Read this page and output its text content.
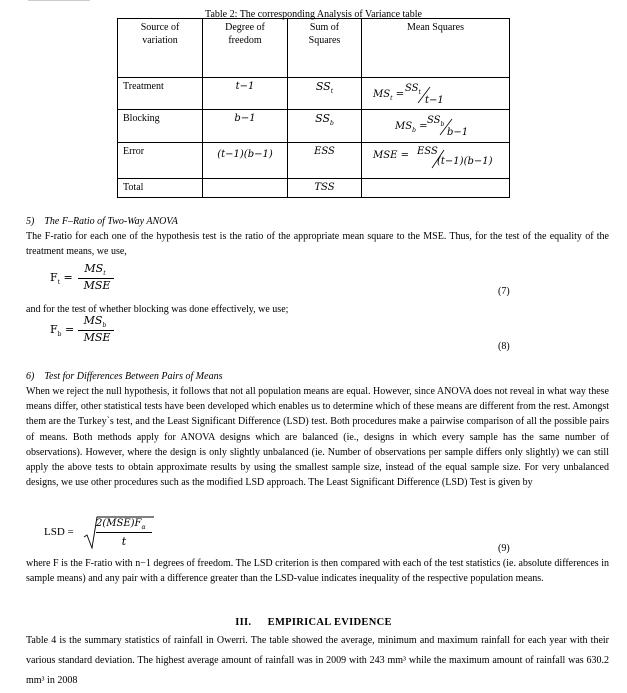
Table 2: The corresponding Analysis of Variance table
Source of variation	Degree of freedom	Sum of Squares	Mean Squares
Treatment	t−1	$SS_t$	$MS_t$ =
$SS_t$
t−1

Blocking	b−1	$SS_b$	$MS_b$ =
$SS_b$
b−1

Error	(t−1)(b−1)	ESS	MSE = ESS
(t−1)(b−1)

Total		TSS	
5) The F–Ratio of Two-Way ANOVA

The F-ratio for each one of the hypothesis test is the ratio of the appropriate mean square to the MSE. Thus, for the test of the equality of the treatment means, we use,

$F_t$ =
$MS_t$
MSE	(7)

and for the test of whether blocking was done effectively, we use;

$F_b$ =
$MS_b$
MSE
(8)
6) Test for Differences Between Pairs of Means

When we reject the null hypothesis, it follows that not all population means are equal. However, since ANOVA does not reveal in what way these means differ, other statistical tests have been developed which enables us to determine which of these means are different from the rest. Amongst them are the Turkey`s test, and the Least Significant Difference (LSD) test. Both procedures make a pairwise comparison of all the possible pairs of means. Both methods apply for ANOVA designs which are balanced (ie., designs in which every sample has the same number of observations). However, where the design is only slightly unbalanced (ie. Number of observations per sample differs only slightly) we can still apply the above tests to obtain approximate results by using the smallest sample size, instead of the equal sample size. For very unbalanced designs, we use other procedures such as the modified LSD approach. The Least Significant Difference (LSD) Test is given by

LSD =
$2(MSE)F_\alpha$
t
(9)

where F is the F-ratio with n−1 degrees of freedom. The LSD criterion is then compared with each of the test statistics (ie. absolute differences in sample means) and any pair with a difference greater than the LSD-value indicates inequality of the respective population means.

III.  EMPIRICAL EVIDENCE

Table 4 is the summary statistics of rainfall in Owerri. The table showed the average, minimum and maximum rainfall for each year with their various standard deviation. The highest average amount of rainfall was in 2009 with 243 mm³ while the maximum amount of rainfall was 630.2 mm³ in 2008
